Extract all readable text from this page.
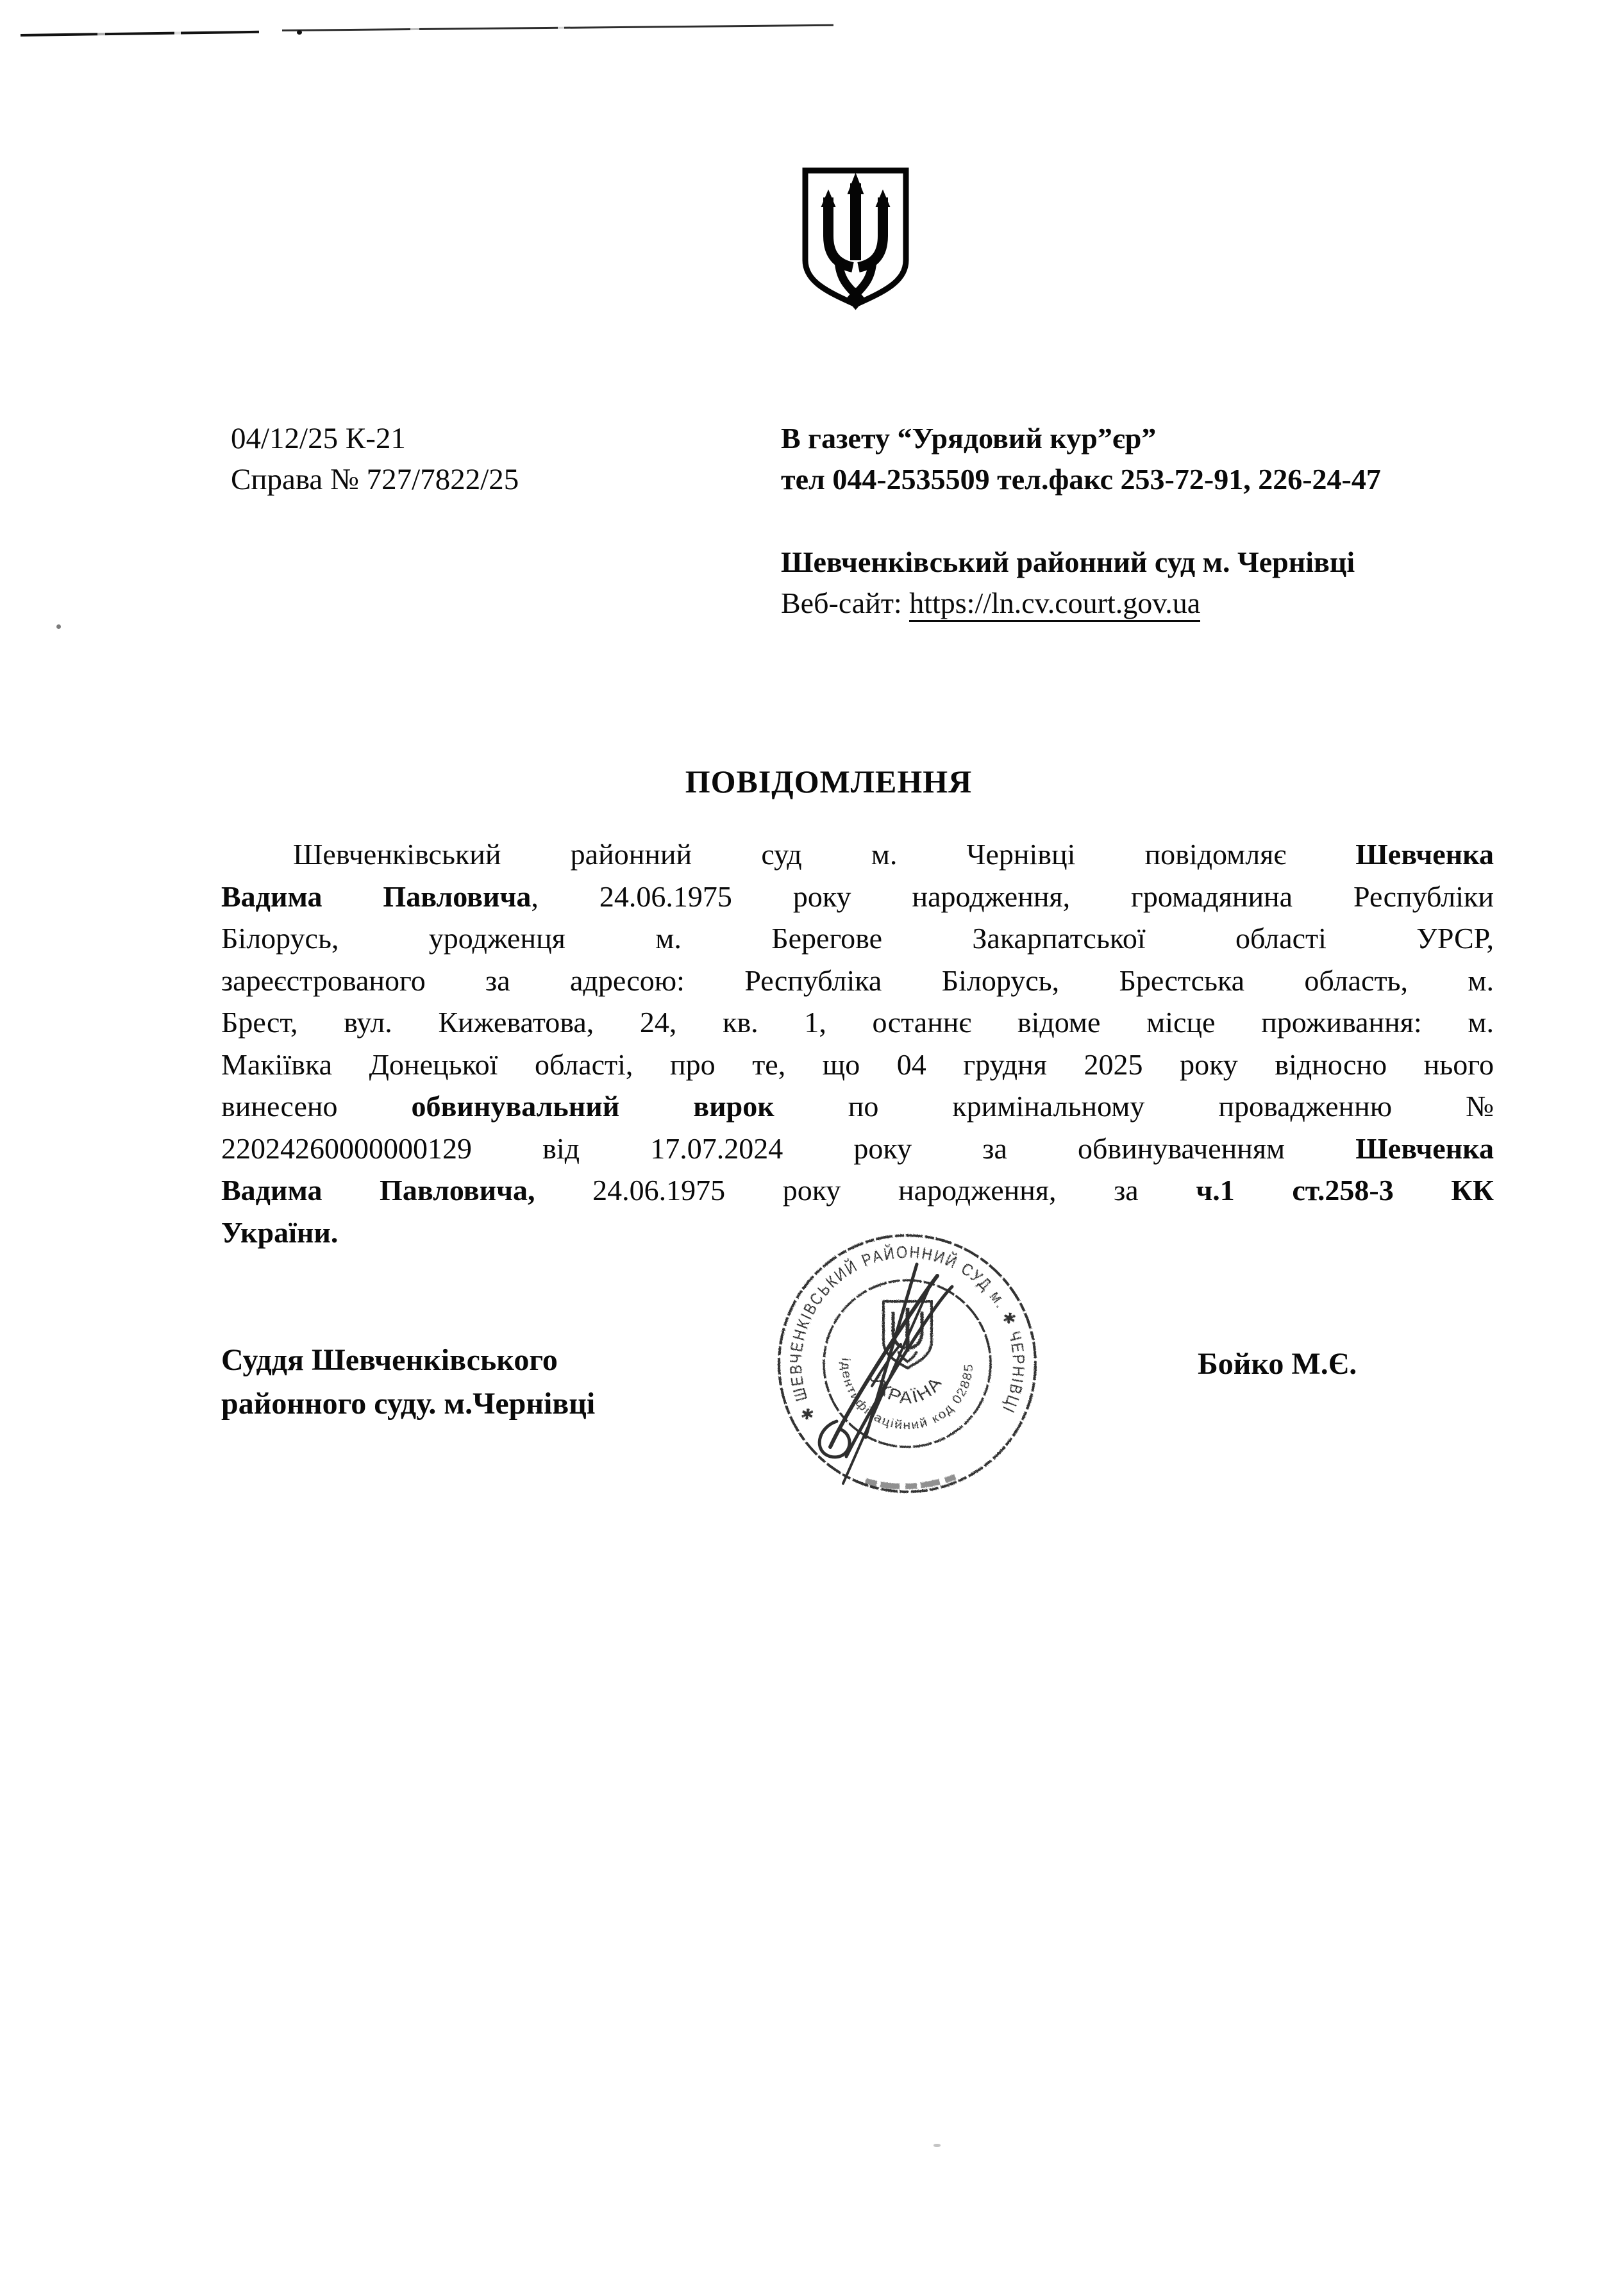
04/12/25 К-21
Справа № 727/7822/25
В газету “Урядовий кур”єр”
тел 044-2535509 тел.факс 253-72-91, 226-24-47
Шевченківський районний суд м. Чернівці
Веб-сайт: https://ln.cv.court.gov.ua
ПОВІДОМЛЕННЯ
Шевченківський районний суд м. Чернівці повідомляє Шевченка
Вадима Павловича, 24.06.1975 року народження, громадянина Республіки
Білорусь, уродженця м. Берегове Закарпатської області УРСР,
зареєстрованого за адресою: Республіка Білорусь, Брестська область, м.
Брест, вул. Кижеватова, 24, кв. 1, останнє відоме місце проживання: м.
Макіївка Донецької області, про те, що 04 грудня 2025 року відносно нього
винесено обвинувальний вирок по кримінальному провадженню №
22024260000000129 від 17.07.2024 року за обвинуваченням Шевченка
Вадима Павловича, 24.06.1975 року народження, за ч.1 ст.258-3 КК
України.
Суддя Шевченківського
районного суду. м.Чернівці
Бойко М.Є.
✱ ШЕВЧЕНКІВСЬКИЙ РАЙОННИЙ СУД м. ✱ ЧЕРНІВЦІ
ідентифікаційний код 02885
УКРАЇНА
